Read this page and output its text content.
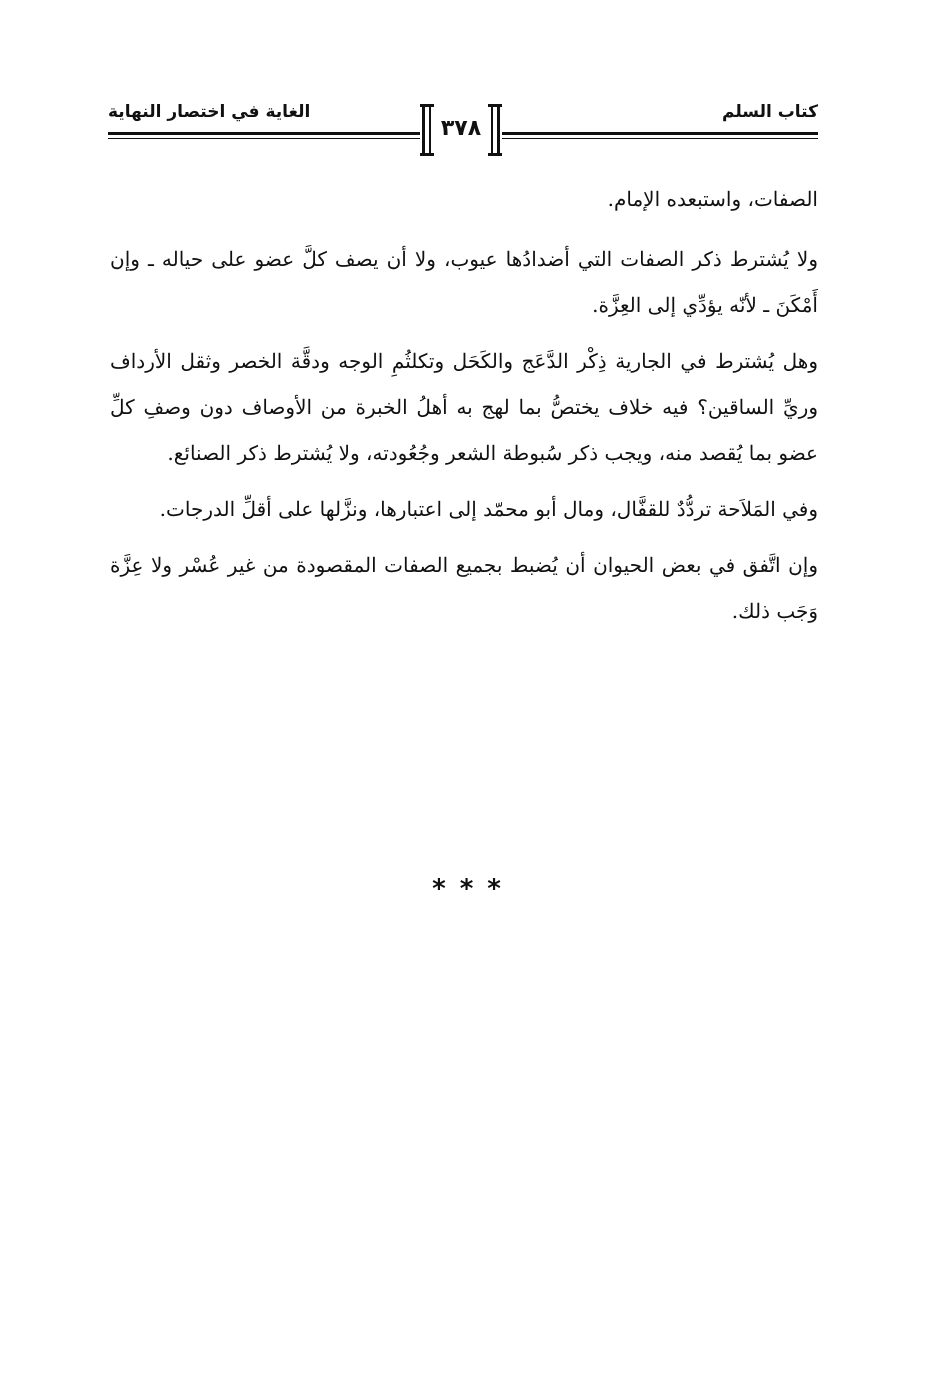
الغاية في اختصار النهاية	كتاب السلم
٣٧٨

الصفات، واستبعده الإمام.

ولا يُشترط ذكر الصفات التي أضدادُها عيوب، ولا أن يصف كلَّ عضو على حياله ـ وإن أَمْكَنَ ـ لأنّه يؤدِّي إلى العِزَّة.

وهل يُشترط في الجارية ذِكْر الدَّعَج والكَحَل وتكلثُمِ الوجه ودقَّة الخصر وثقل الأرداف وريِّ الساقين؟ فيه خلاف يختصُّ بما لهج به أهلُ الخبرة من الأوصاف دون وصفِ كلِّ عضو بما يُقصد منه، ويجب ذكر سُبوطة الشعر وجُعُودته، ولا يُشترط ذكر الصنائع.

وفي المَلاَحة تردُّدٌ للقفَّال، ومال أبو محمّد إلى اعتبارها، ونزَّلها على أقلِّ الدرجات.

وإن اتَّفق في بعض الحيوان أن يُضبط بجميع الصفات المقصودة من غير عُسْر ولا عِزَّة وَجَب ذلك.

***
